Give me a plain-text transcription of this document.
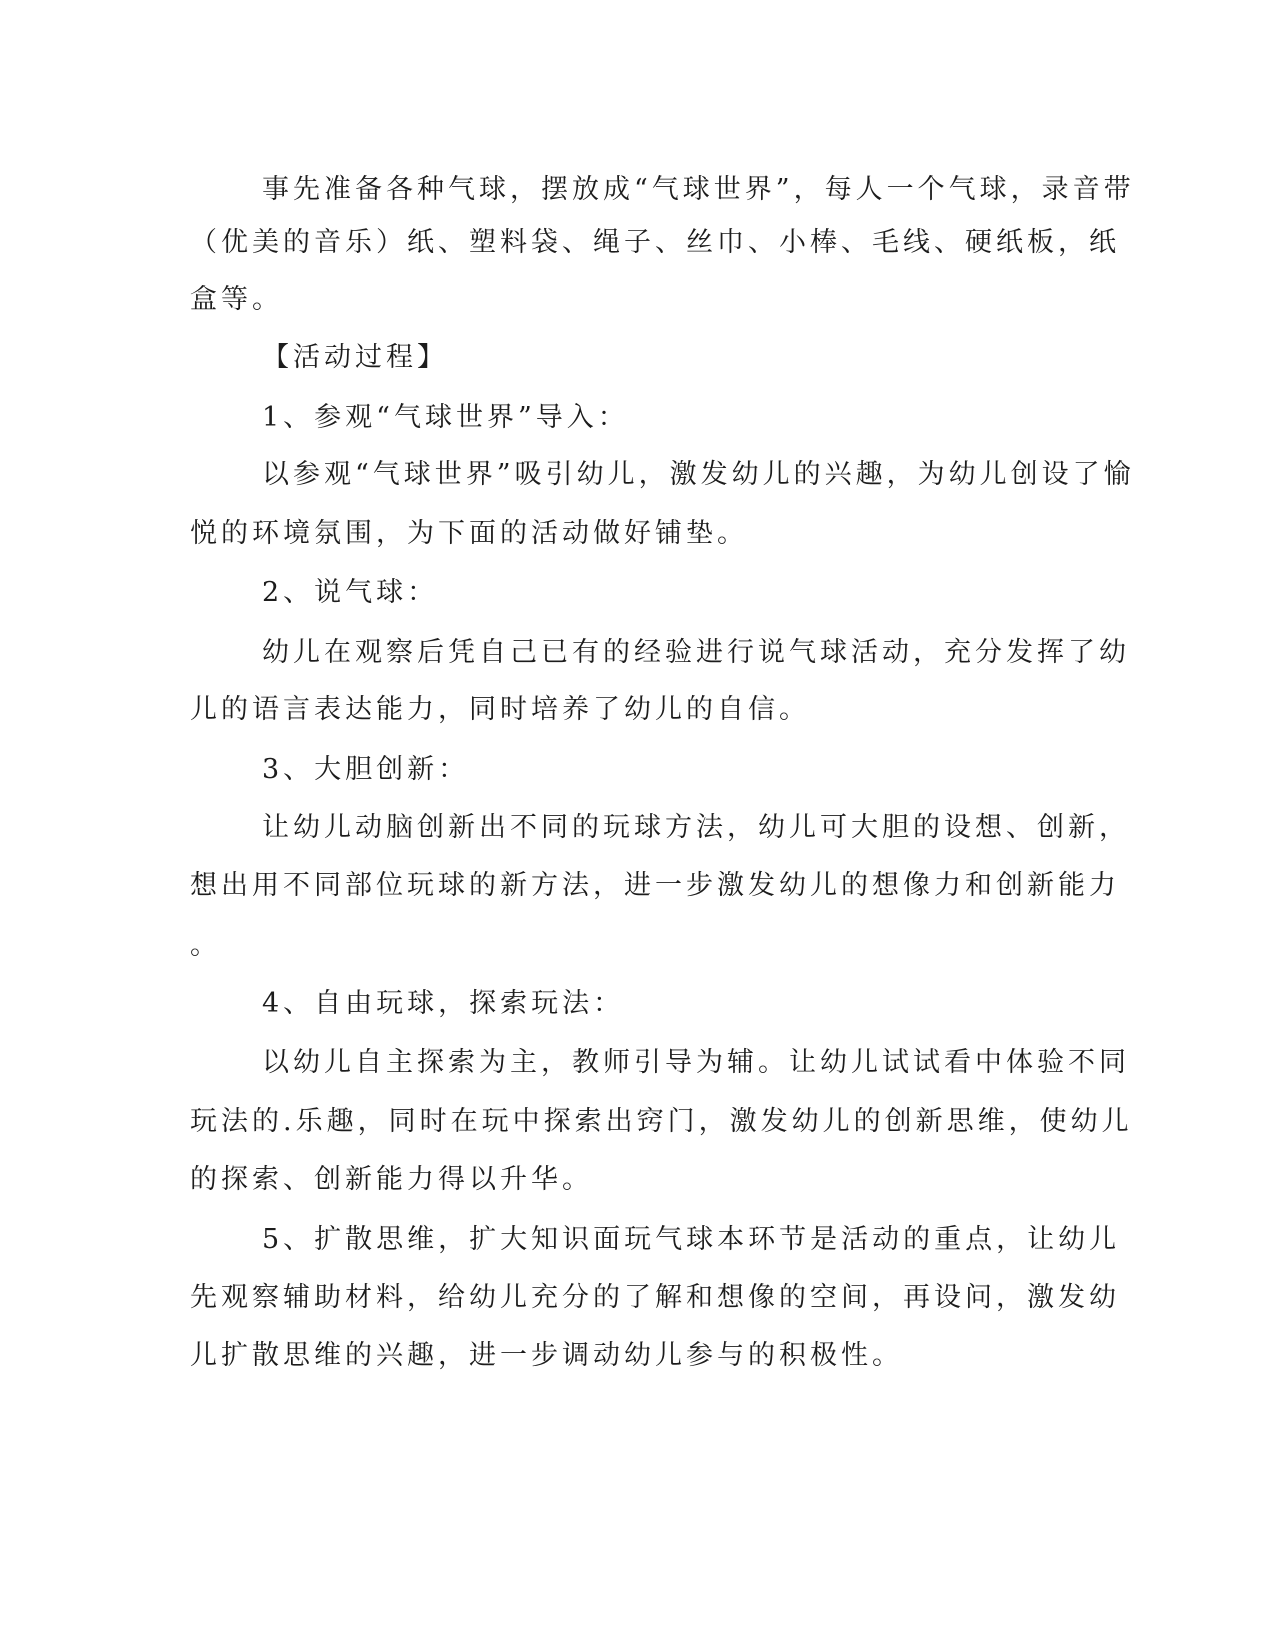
事先准备各种气球，摆放成“气球世界”，每人一个气球，录音带

（优美的音乐）纸、塑料袋、绳子、丝巾、小棒、毛线、硬纸板，纸

盒等。

【活动过程】

1、参观“气球世界”导入：

以参观“气球世界”吸引幼儿，激发幼儿的兴趣，为幼儿创设了愉

悦的环境氛围，为下面的活动做好铺垫。

2、说气球：

幼儿在观察后凭自己已有的经验进行说气球活动，充分发挥了幼

儿的语言表达能力，同时培养了幼儿的自信。

3、大胆创新：

让幼儿动脑创新出不同的玩球方法，幼儿可大胆的设想、创新，

想出用不同部位玩球的新方法，进一步激发幼儿的想像力和创新能力

。

4、自由玩球，探索玩法：

以幼儿自主探索为主，教师引导为辅。让幼儿试试看中体验不同

玩法的.乐趣，同时在玩中探索出窍门，激发幼儿的创新思维，使幼儿

的探索、创新能力得以升华。

5、扩散思维，扩大知识面玩气球本环节是活动的重点，让幼儿

先观察辅助材料，给幼儿充分的了解和想像的空间，再设问，激发幼

儿扩散思维的兴趣，进一步调动幼儿参与的积极性。
